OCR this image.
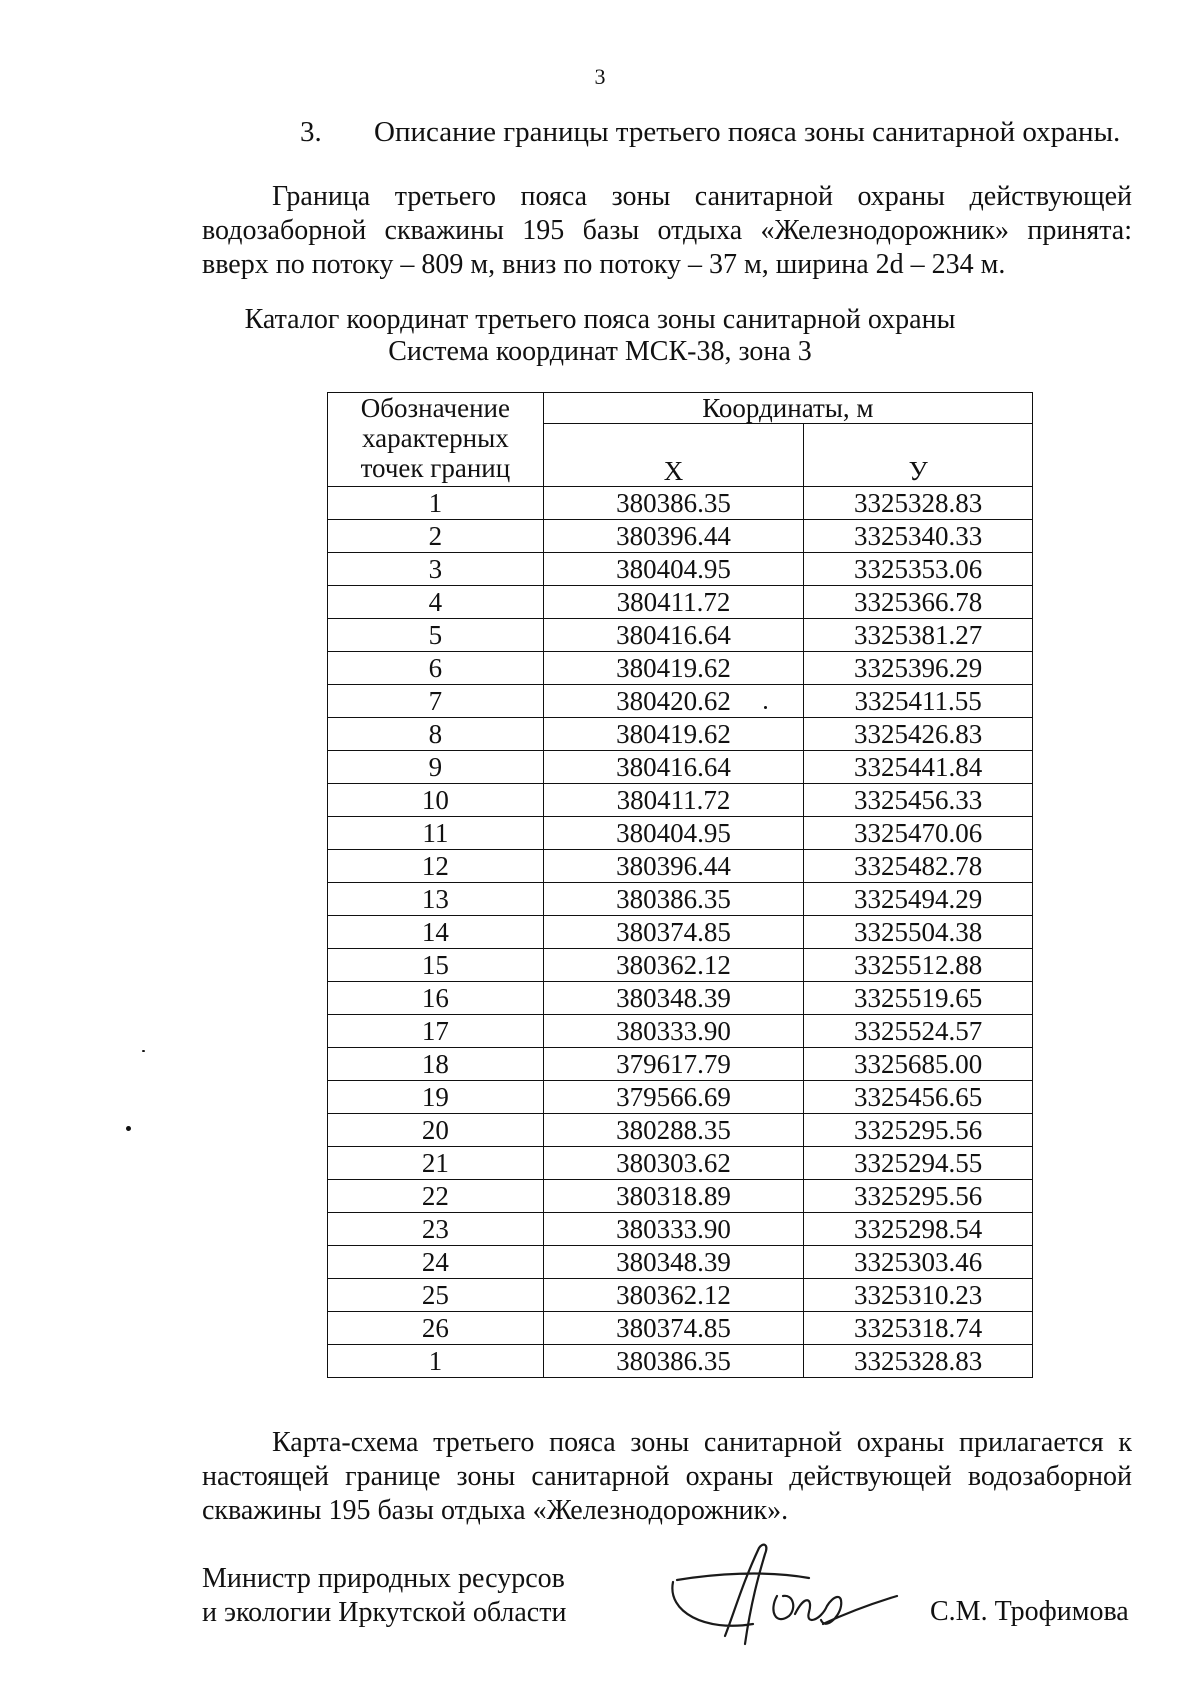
3
3. Описание границы третьего пояса зоны санитарной охраны.

Граница третьего пояса зоны санитарной охраны действующей водозаборной скважины 195 базы отдыха «Железнодорожник» принята: вверх по потоку – 809 м, вниз по потоку – 37 м, ширина 2d – 234 м.

Каталог координат третьего пояса зоны санитарной охраны
Система координат МСК-38, зона 3
Обозначение характерных точек границ	Координаты, м	
	Х	У
1	380386.35	3325328.83
2	380396.44	3325340.33
3	380404.95	3325353.06
4	380411.72	3325366.78
5	380416.64	3325381.27
6	380419.62	3325396.29
7	380420.62	3325411.55
8	380419.62	3325426.83
9	380416.64	3325441.84
10	380411.72	3325456.33
11	380404.95	3325470.06
12	380396.44	3325482.78
13	380386.35	3325494.29
14	380374.85	3325504.38
15	380362.12	3325512.88
16	380348.39	3325519.65
17	380333.90	3325524.57
18	379617.79	3325685.00
19	379566.69	3325456.65
20	380288.35	3325295.56
21	380303.62	3325294.55
22	380318.89	3325295.56
23	380333.90	3325298.54
24	380348.39	3325303.46
25	380362.12	3325310.23
26	380374.85	3325318.74
1	380386.35	3325328.83

Карта-схема третьего пояса зоны санитарной охраны прилагается к настоящей границе зоны санитарной охраны действующей водозаборной скважины 195 базы отдыха «Железнодорожник».

Министр природных ресурсов
и экологии Иркутской области	С.М. Трофимова
